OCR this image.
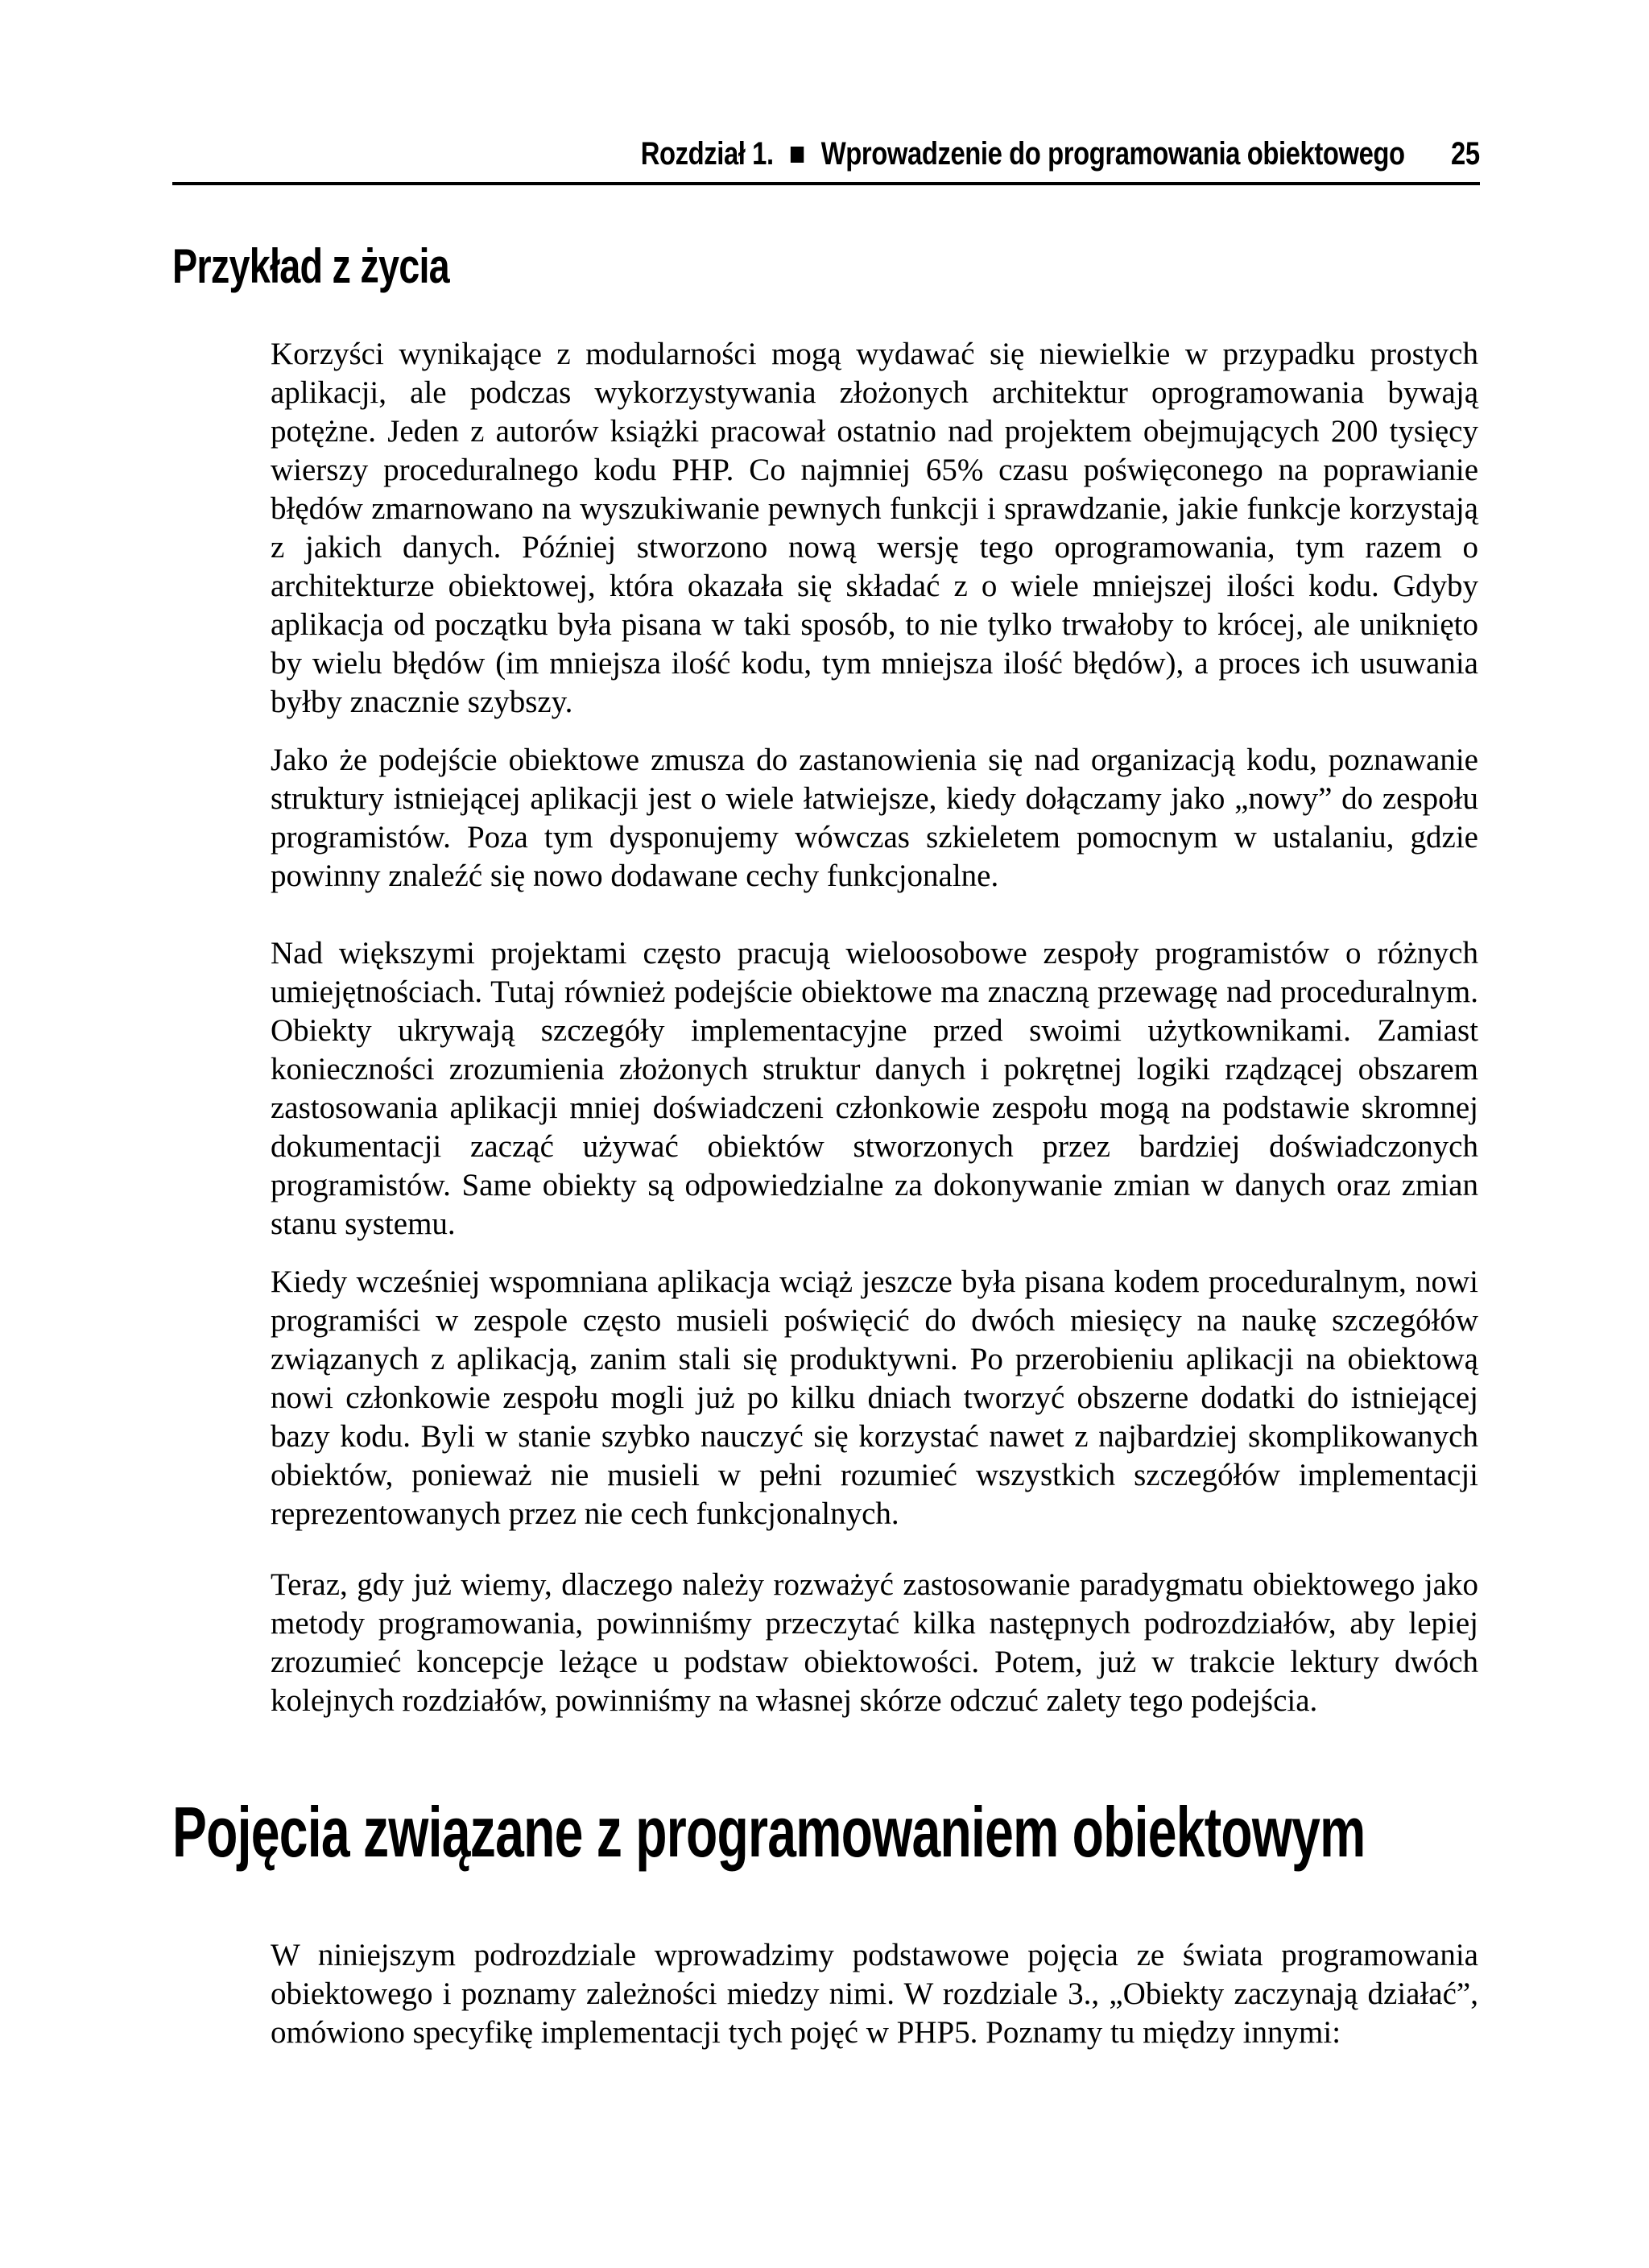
Rozdział 1. Wprowadzenie do programowania obiektowego 25
Przykład z życia

Korzyści wynikające z modularności mogą wydawać się niewielkie w przypadku prostych aplikacji, ale podczas wykorzystywania złożonych architektur oprogramowania bywają potężne. Jeden z autorów książki pracował ostatnio nad projektem obejmujących 200 tysięcy wierszy proceduralnego kodu PHP. Co najmniej 65% czasu poświęconego na poprawianie błędów zmarnowano na wyszukiwanie pewnych funkcji i sprawdzanie, jakie funkcje korzystają z jakich danych. Później stworzono nową wersję tego oprogramowania, tym razem o architekturze obiektowej, która okazała się składać z o wiele mniejszej ilości kodu. Gdyby aplikacja od początku była pisana w taki sposób, to nie tylko trwałoby to krócej, ale uniknięto by wielu błędów (im mniejsza ilość kodu, tym mniejsza ilość błędów), a proces ich usuwania byłby znacznie szybszy.

Jako że podejście obiektowe zmusza do zastanowienia się nad organizacją kodu, poznawanie struktury istniejącej aplikacji jest o wiele łatwiejsze, kiedy dołączamy jako „nowy” do zespołu programistów. Poza tym dysponujemy wówczas szkieletem pomocnym w ustalaniu, gdzie powinny znaleźć się nowo dodawane cechy funkcjonalne.

Nad większymi projektami często pracują wieloosobowe zespoły programistów o różnych umiejętnościach. Tutaj również podejście obiektowe ma znaczną przewagę nad proceduralnym. Obiekty ukrywają szczegóły implementacyjne przed swoimi użytkownikami. Zamiast konieczności zrozumienia złożonych struktur danych i pokrętnej logiki rządzącej obszarem zastosowania aplikacji mniej doświadczeni członkowie zespołu mogą na podstawie skromnej dokumentacji zacząć używać obiektów stworzonych przez bardziej doświadczonych programistów. Same obiekty są odpowiedzialne za dokonywanie zmian w danych oraz zmian stanu systemu.

Kiedy wcześniej wspomniana aplikacja wciąż jeszcze była pisana kodem proceduralnym, nowi programiści w zespole często musieli poświęcić do dwóch miesięcy na naukę szczegółów związanych z aplikacją, zanim stali się produktywni. Po przerobieniu aplikacji na obiektową nowi członkowie zespołu mogli już po kilku dniach tworzyć obszerne dodatki do istniejącej bazy kodu. Byli w stanie szybko nauczyć się korzystać nawet z najbardziej skomplikowanych obiektów, ponieważ nie musieli w pełni rozumieć wszystkich szczegółów implementacji reprezentowanych przez nie cech funkcjonalnych.

Teraz, gdy już wiemy, dlaczego należy rozważyć zastosowanie paradygmatu obiektowego jako metody programowania, powinniśmy przeczytać kilka następnych podrozdziałów, aby lepiej zrozumieć koncepcje leżące u podstaw obiektowości. Potem, już w trakcie lektury dwóch kolejnych rozdziałów, powinniśmy na własnej skórze odczuć zalety tego podejścia.

Pojęcia związane z programowaniem obiektowym

W niniejszym podrozdziale wprowadzimy podstawowe pojęcia ze świata programowania obiektowego i poznamy zależności miedzy nimi. W rozdziale 3., „Obiekty zaczynają działać”, omówiono specyfikę implementacji tych pojęć w PHP5. Poznamy tu między innymi:
